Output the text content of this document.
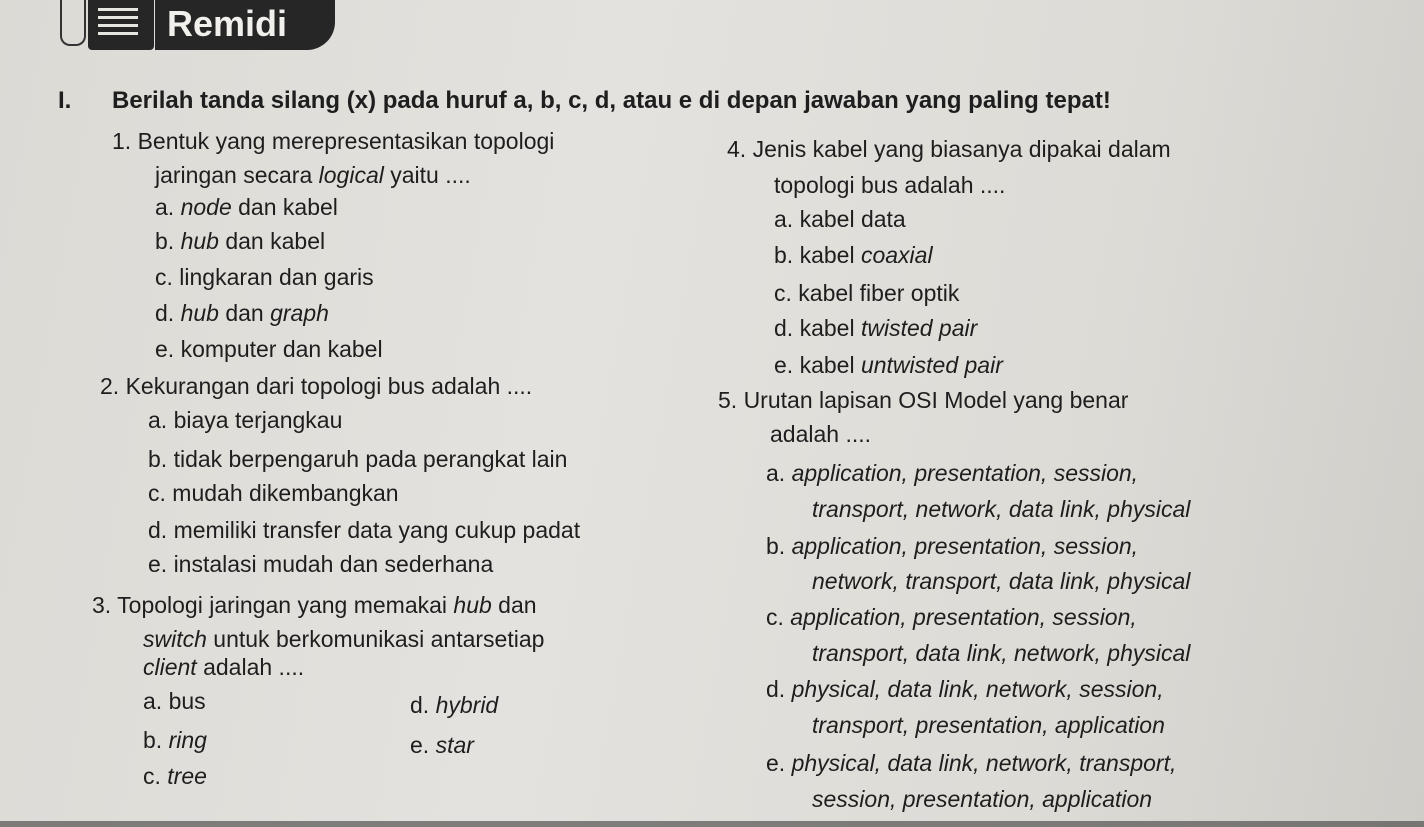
Remidi
I. Berilah tanda silang (x) pada huruf a, b, c, d, atau e di depan jawaban yang paling tepat!
1. Bentuk yang merepresentasikan topologi
jaringan secara logical yaitu ....
a. node dan kabel
b. hub dan kabel
c. lingkaran dan garis
d. hub dan graph
e. komputer dan kabel
2. Kekurangan dari topologi bus adalah ....
a. biaya terjangkau
b. tidak berpengaruh pada perangkat lain
c. mudah dikembangkan
d. memiliki transfer data yang cukup padat
e. instalasi mudah dan sederhana
3. Topologi jaringan yang memakai hub dan
switch untuk berkomunikasi antarsetiap
client adalah ....
a. bus
b. ring
c. tree
d. hybrid
e. star
4. Jenis kabel yang biasanya dipakai dalam
topologi bus adalah ....
a. kabel data
b. kabel coaxial
c. kabel fiber optik
d. kabel twisted pair
e. kabel untwisted pair
5. Urutan lapisan OSI Model yang benar
adalah ....
a. application, presentation, session,
transport, network, data link, physical
b. application, presentation, session,
network, transport, data link, physical
c. application, presentation, session,
transport, data link, network, physical
d. physical, data link, network, session,
transport, presentation, application
e. physical, data link, network, transport,
session, presentation, application
